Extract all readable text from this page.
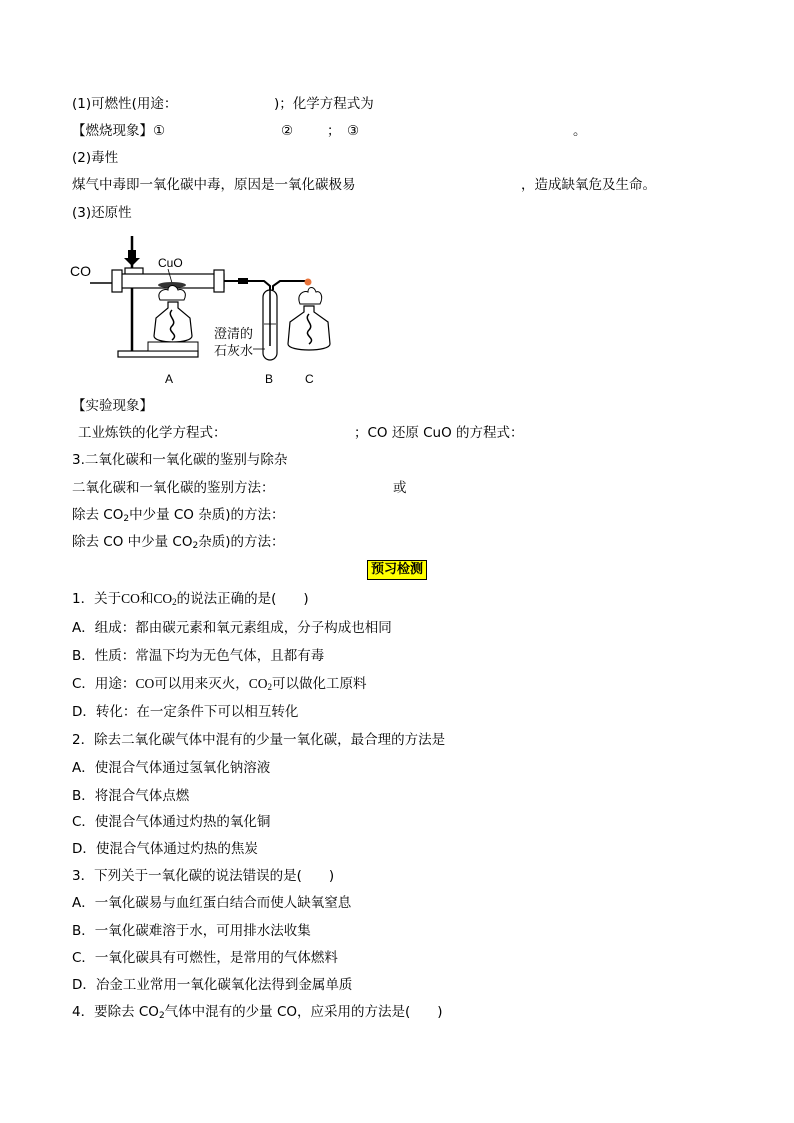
(1)可燃性(用途：	)；化学方程式为
【燃烧现象】①	②	； ③	。
(2)毒性
煤气中毒即一氧化碳中毒，原因是一氧化碳极易	，造成缺氧危及生命。
(3)还原性
CO	CuO
澄清的
石灰水
A	B	C
【实验现象】
工业炼铁的化学方程式：	；CO 还原 CuO 的方程式：
3.二氧化碳和一氧化碳的鉴别与除杂
二氧化碳和一氧化碳的鉴别方法：	或
除去 $CO_2$中少量 CO 杂质)的方法：
除去 CO 中少量 $CO_2$杂质)的方法：
预习检测
1．关于CO和$CO_2$的说法正确的是(　　)
A．组成：都由碳元素和氧元素组成，分子构成也相同
B．性质：常温下均为无色气体，且都有毒
C．用途：CO可以用来灭火，$CO_2$可以做化工原料
D．转化：在一定条件下可以相互转化
2．除去二氧化碳气体中混有的少量一氧化碳，最合理的方法是
A．使混合气体通过氢氧化钠溶液
B．将混合气体点燃
C．使混合气体通过灼热的氧化铜
D．使混合气体通过灼热的焦炭
3．下列关于一氧化碳的说法错误的是(　　)
A．一氧化碳易与血红蛋白结合而使人缺氧窒息
B．一氧化碳难溶于水，可用排水法收集
C．一氧化碳具有可燃性，是常用的气体燃料
D．冶金工业常用一氧化碳氧化法得到金属单质
4．要除去 $CO_2$气体中混有的少量 CO，应采用的方法是(　　)
